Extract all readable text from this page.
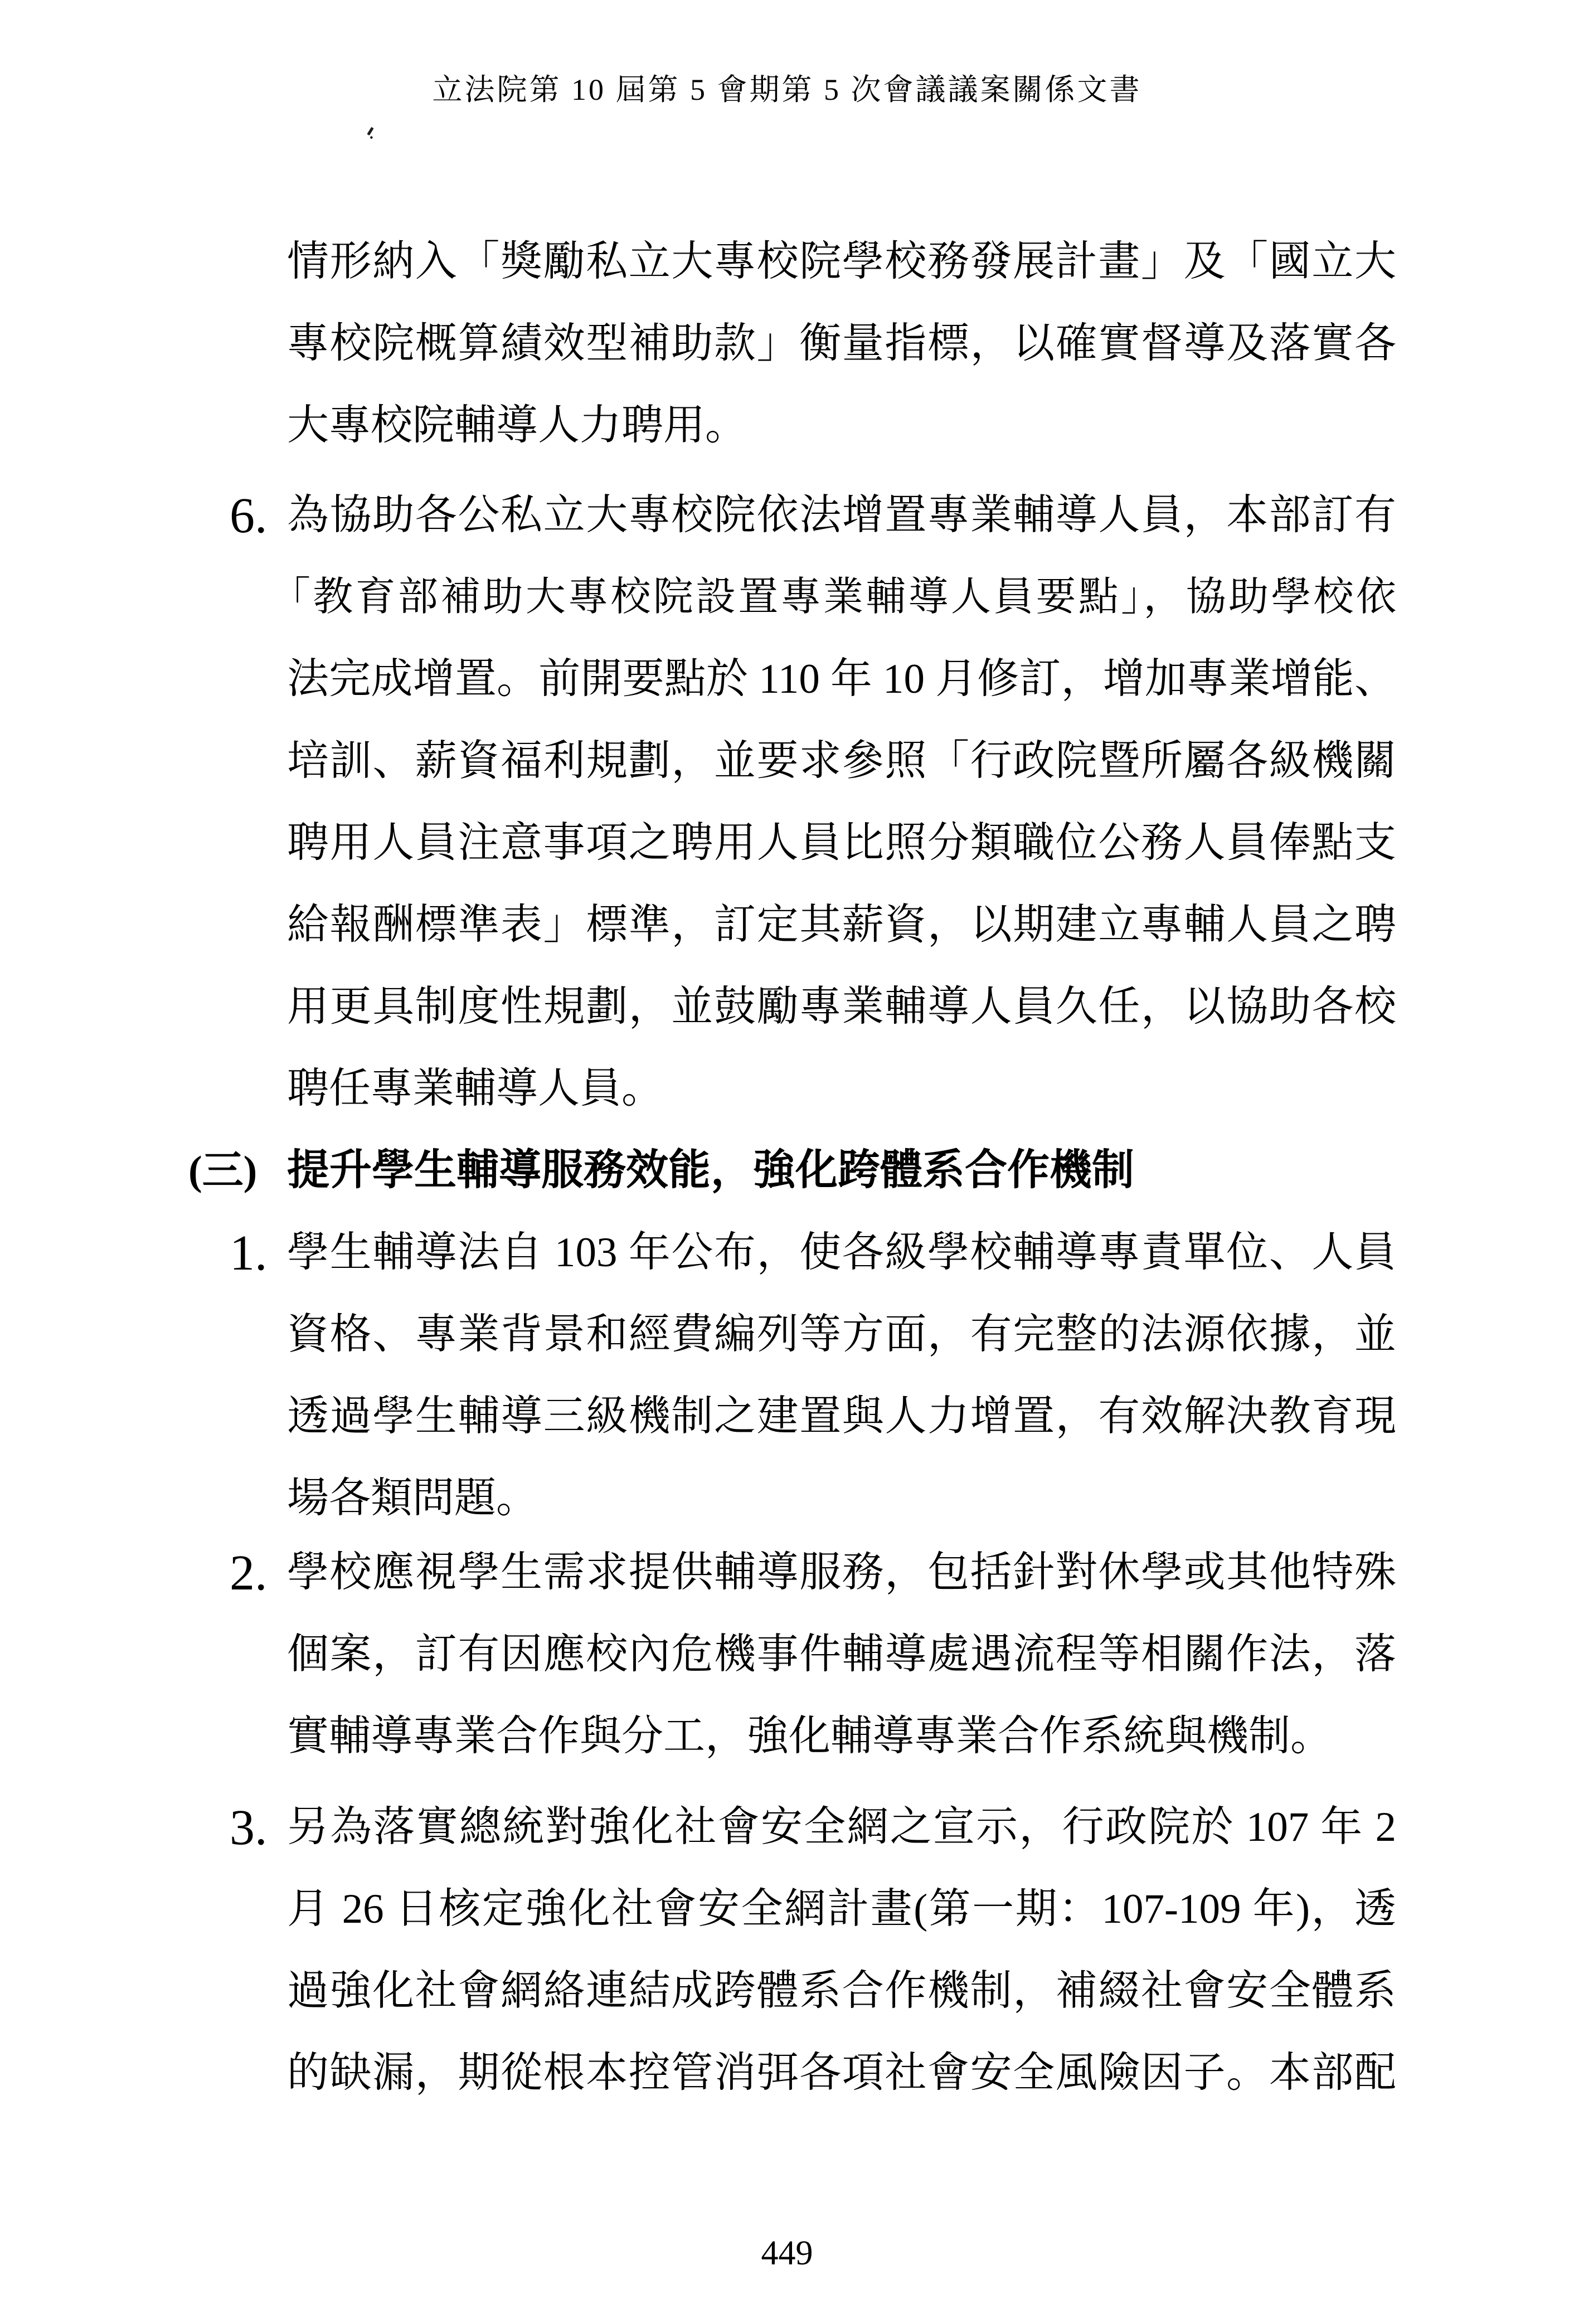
立法院第 10 屆第 5 會期第 5 次會議議案關係文書
情形納入「獎勵私立大專校院學校務發展計畫」及「國立大
專校院概算績效型補助款」衡量指標，以確實督導及落實各
大專校院輔導人力聘用。
6. 為協助各公私立大專校院依法增置專業輔導人員，本部訂有
「教育部補助大專校院設置專業輔導人員要點」，協助學校依
法完成增置。前開要點於 110 年 10 月修訂，增加專業增能、
培訓、薪資福利規劃，並要求參照「行政院暨所屬各級機關
聘用人員注意事項之聘用人員比照分類職位公務人員俸點支
給報酬標準表」標準，訂定其薪資，以期建立專輔人員之聘
用更具制度性規劃，並鼓勵專業輔導人員久任，以協助各校
聘任專業輔導人員。
(三) 提升學生輔導服務效能，強化跨體系合作機制
1. 學生輔導法自 103 年公布，使各級學校輔導專責單位、人員
資格、專業背景和經費編列等方面，有完整的法源依據，並
透過學生輔導三級機制之建置與人力增置，有效解決教育現
場各類問題。
2. 學校應視學生需求提供輔導服務，包括針對休學或其他特殊
個案，訂有因應校內危機事件輔導處遇流程等相關作法，落
實輔導專業合作與分工，強化輔導專業合作系統與機制。
3. 另為落實總統對強化社會安全網之宣示，行政院於 107 年 2
月 26 日核定強化社會安全網計畫(第一期：107-109 年)，透
過強化社會網絡連結成跨體系合作機制，補綴社會安全體系
的缺漏，期從根本控管消弭各項社會安全風險因子。本部配
449
